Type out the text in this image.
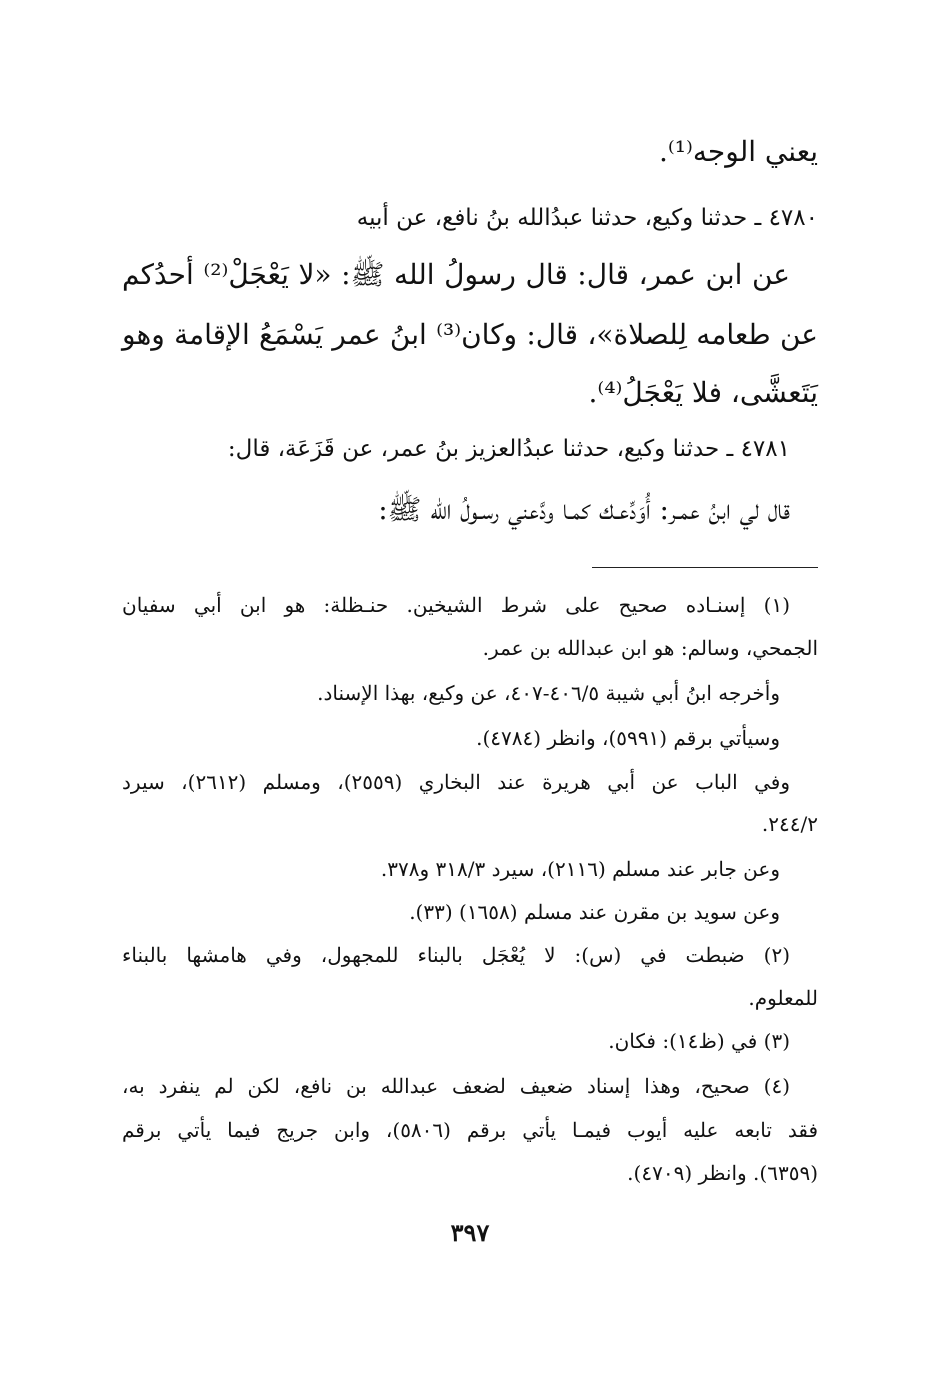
يعني الوجه⁽¹⁾.
٤٧٨٠ ـ حدثنا وكيع، حدثنا عبدُالله بنُ نافع، عن أبيه
عن ابن عمر، قال: قال رسولُ الله ﷺ: «لا يَعْجَلْ⁽²⁾ أحدُكم
عن طعامه لِلصلاة»، قال: وكان⁽³⁾ ابنُ عمر يَسْمَعُ الإقامة وهو
يَتَعشَّى، فلا يَعْجَلُ⁽⁴⁾.
٤٧٨١ ـ حدثنا وكيع، حدثنا عبدُالعزيز بنُ عمر، عن قَزَعَة، قال:
قال لي ابنُ عمـر: أُوَدِّعـك كمـا ودَّعني رسـولُ الله ﷺ:
(١) إسنـاده صحيح على شرط الشيخين. حنـظلة: هو ابن أبي سفيان
الجمحي، وسالم: هو ابن عبدالله بن عمر.
وأخرجه ابنُ أبي شيبة ٤٠٦/٥-٤٠٧، عن وكيع، بهذا الإسناد.
وسيأتي برقم (٥٩٩١)، وانظر (٤٧٨٤).
وفي الباب عن أبي هريرة عند البخاري (٢٥٥٩)، ومسلم (٢٦١٢)، سيرد
٢٤٤/٢.
وعن جابر عند مسلم (٢١١٦)، سيرد ٣١٨/٣ و٣٧٨.
وعن سويد بن مقرن عند مسلم (١٦٥٨) (٣٣).
(٢) ضبطت في (س): لا يُعْجَل بالبناء للمجهول، وفي هامشها بالبناء
للمعلوم.
(٣) في (ظ١٤): فكان.
(٤) صحيح، وهذا إسناد ضعيف لضعف عبدالله بن نافع، لكن لم ينفرد به،
فقد تابعه عليه أيوب فيمـا يأتي برقم (٥٨٠٦)، وابن جريج فيما يأتي برقم
(٦٣٥٩). وانظر (٤٧٠٩).
٣٩٧
